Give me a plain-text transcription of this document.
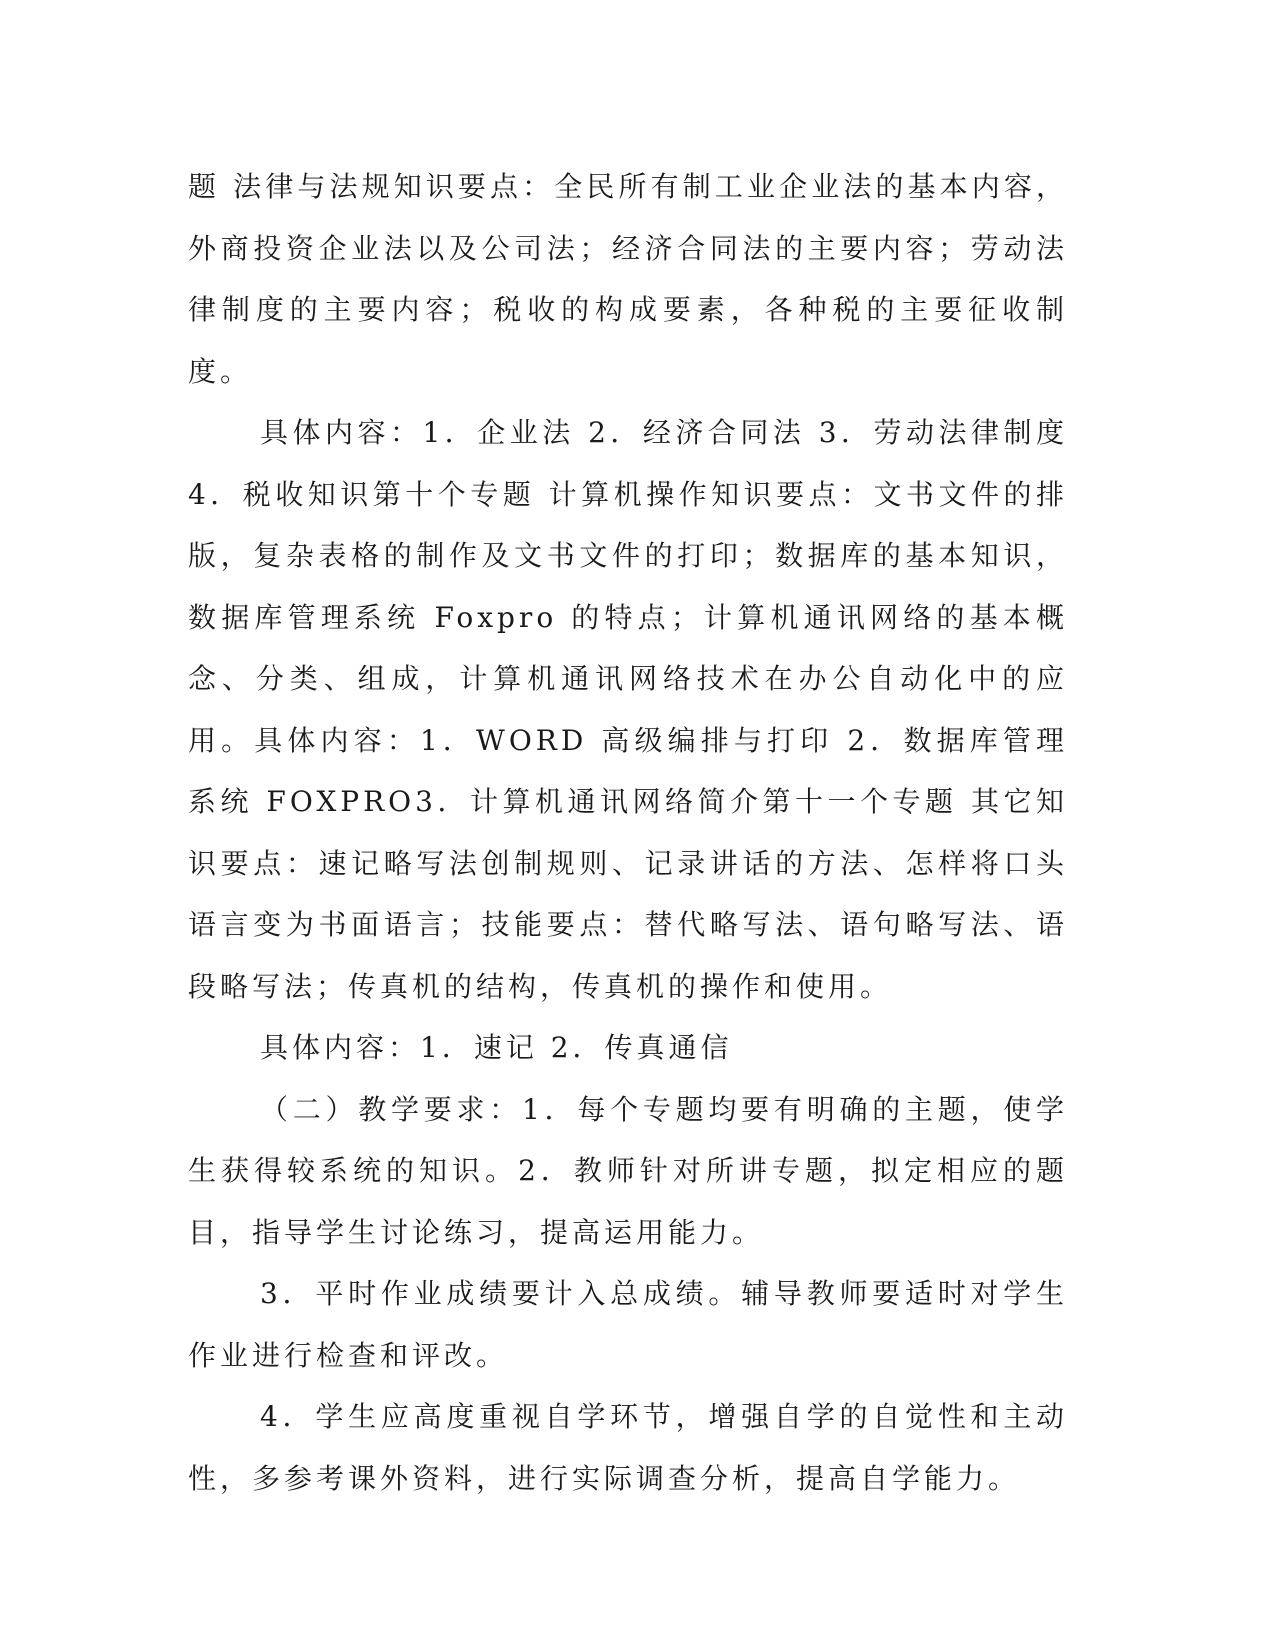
题 法律与法规知识要点：全民所有制工业企业法的基本内容，外商投资企业法以及公司法；经济合同法的主要内容；劳动法律制度的主要内容；税收的构成要素，各种税的主要征收制度。

具体内容：1．企业法 2．经济合同法 3．劳动法律制度 4．税收知识第十个专题 计算机操作知识要点：文书文件的排版，复杂表格的制作及文书文件的打印；数据库的基本知识，数据库管理系统 Foxpro 的特点；计算机通讯网络的基本概念、分类、组成，计算机通讯网络技术在办公自动化中的应用。具体内容：1．WORD 高级编排与打印 2．数据库管理系统 FOXPRO3．计算机通讯网络简介第十一个专题 其它知识要点：速记略写法创制规则、记录讲话的方法、怎样将口头语言变为书面语言；技能要点：替代略写法、语句略写法、语段略写法；传真机的结构，传真机的操作和使用。

具体内容：1．速记 2．传真通信

（二）教学要求：1．每个专题均要有明确的主题，使学生获得较系统的知识。2．教师针对所讲专题，拟定相应的题目，指导学生讨论练习，提高运用能力。

3．平时作业成绩要计入总成绩。辅导教师要适时对学生作业进行检查和评改。

4．学生应高度重视自学环节，增强自学的自觉性和主动性，多参考课外资料，进行实际调查分析，提高自学能力。
